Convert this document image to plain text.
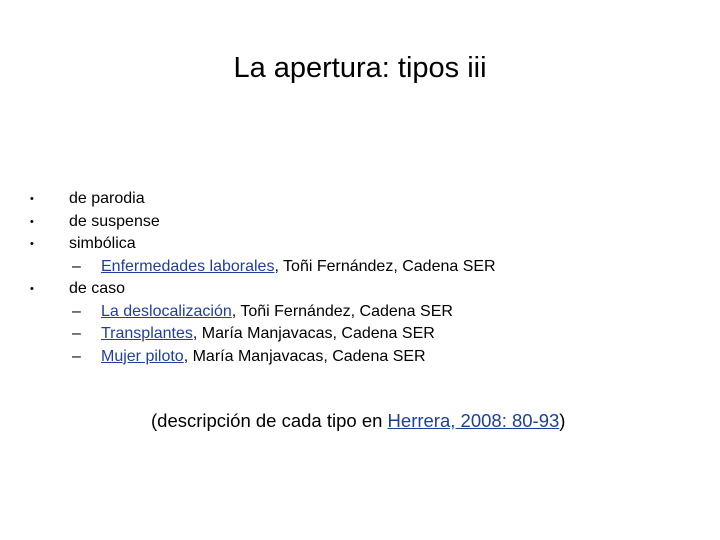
La apertura: tipos iii
•	de parodia
•	de suspense
•	simbólica
– Enfermedades laborales, Toñi Fernández, Cadena SER
•	de caso
– La deslocalización, Toñi Fernández, Cadena SER
– Transplantes, María Manjavacas, Cadena SER
– Mujer piloto, María Manjavacas, Cadena SER
(descripción de cada tipo en Herrera, 2008: 80-93)
